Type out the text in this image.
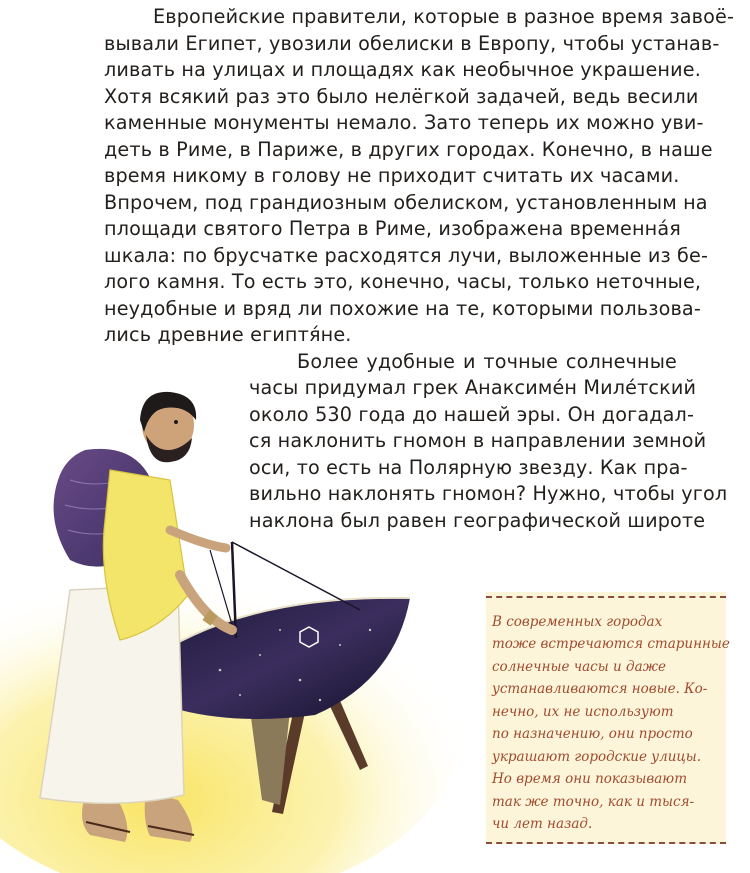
Европейские правители, которые в разное время завоё-
вывали Египет, увозили обелиски в Европу, чтобы устанав-
ливать на улицах и площадях как необычное украшение.
Хотя всякий раз это было нелёгкой задачей, ведь весили
каменные монументы немало. Зато теперь их можно уви-
деть в Риме, в Париже, в других городах. Конечно, в наше
время никому в голову не приходит считать их часами.
Впрочем, под грандиозным обелиском, установленным на
площади святого Петра в Риме, изображена временна́я
шкала: по брусчатке расходятся лучи, выложенные из бе-
лого камня. То есть это, конечно, часы, только неточные,
неудобные и вряд ли похожие на те, которыми пользова-
лись древние египтя́не.
Более удобные и точные солнечные
часы придумал грек Анаксиме́н Миле́тский
около 530 года до нашей эры. Он догадал-
ся наклонить гномон в направлении земной
оси, то есть на Полярную звезду. Как пра-
вильно наклонять гномон? Нужно, чтобы угол
наклона был равен географической широте
В современных городах
тоже встречаются старинные
солнечные часы и даже
устанавливаются новые. Ко-
нечно, их не используют
по назначению, они просто
украшают городские улицы.
Но время они показывают
так же точно, как и тыся-
чи лет назад.
